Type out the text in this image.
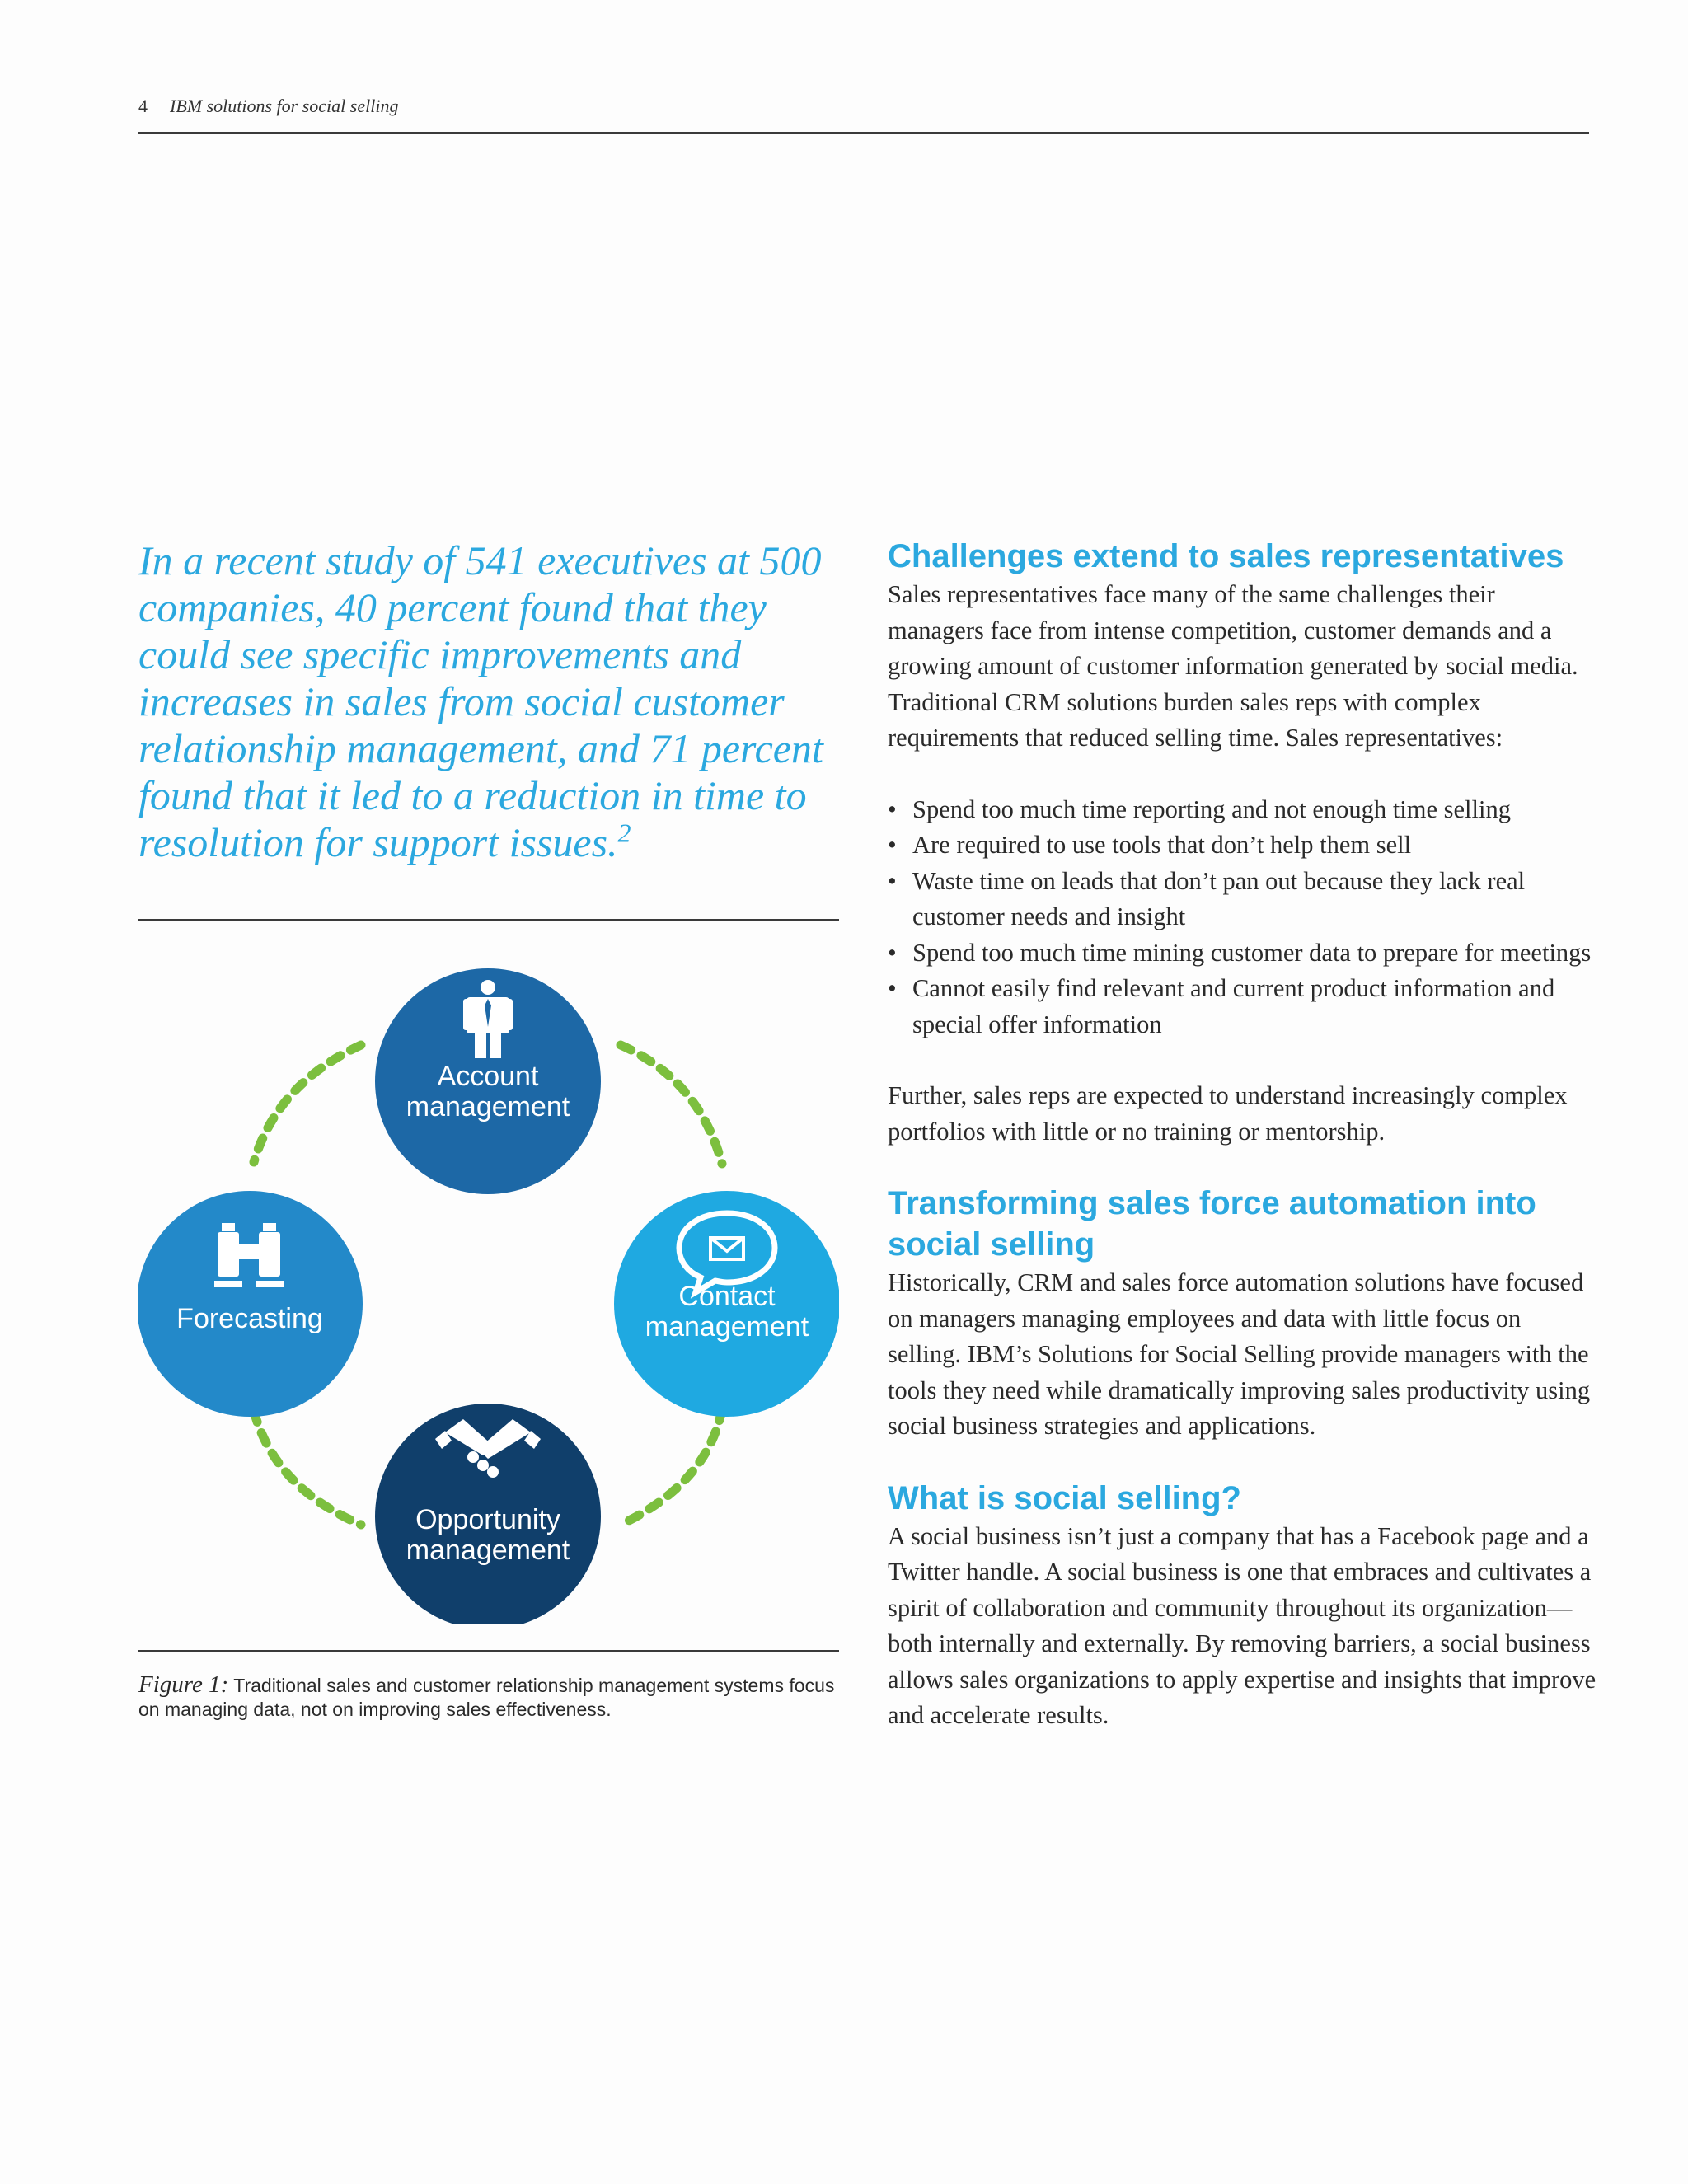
4 IBM solutions for social selling
In a recent study of 541 executives at 500 companies, 40 percent found that they could see specific improvements and increases in sales from social customer relationship management, and 71 percent found that it led to a reduction in time to resolution for support issues.$^2$
Account
management
Contact
management
Opportunity
management
Forecasting
Figure 1: Traditional sales and customer relationship management systems focus on managing data, not on improving sales effectiveness.
Challenges extend to sales representatives

Sales representatives face many of the same challenges their managers face from intense competition, customer demands and a growing amount of customer information generated by social media. Traditional CRM solutions burden sales reps with complex requirements that reduced selling time. Sales representatives:

• Spend too much time reporting and not enough time selling
• Are required to use tools that don’t help them sell
• Waste time on leads that don’t pan out because they lack real customer needs and insight
• Spend too much time mining customer data to prepare for meetings
• Cannot easily find relevant and current product information and special offer information

Further, sales reps are expected to understand increasingly complex portfolios with little or no training or mentorship.

Transforming sales force automation into social selling

Historically, CRM and sales force automation solutions have focused on managers managing employees and data with little focus on selling. IBM’s Solutions for Social Selling provide managers with the tools they need while dramatically improving sales productivity using social business strategies and applications.

What is social selling?

A social business isn’t just a company that has a Facebook page and a Twitter handle. A social business is one that embraces and cultivates a spirit of collaboration and community throughout its organization—both internally and externally. By removing barriers, a social business allows sales organizations to apply expertise and insights that improve and accelerate results.
